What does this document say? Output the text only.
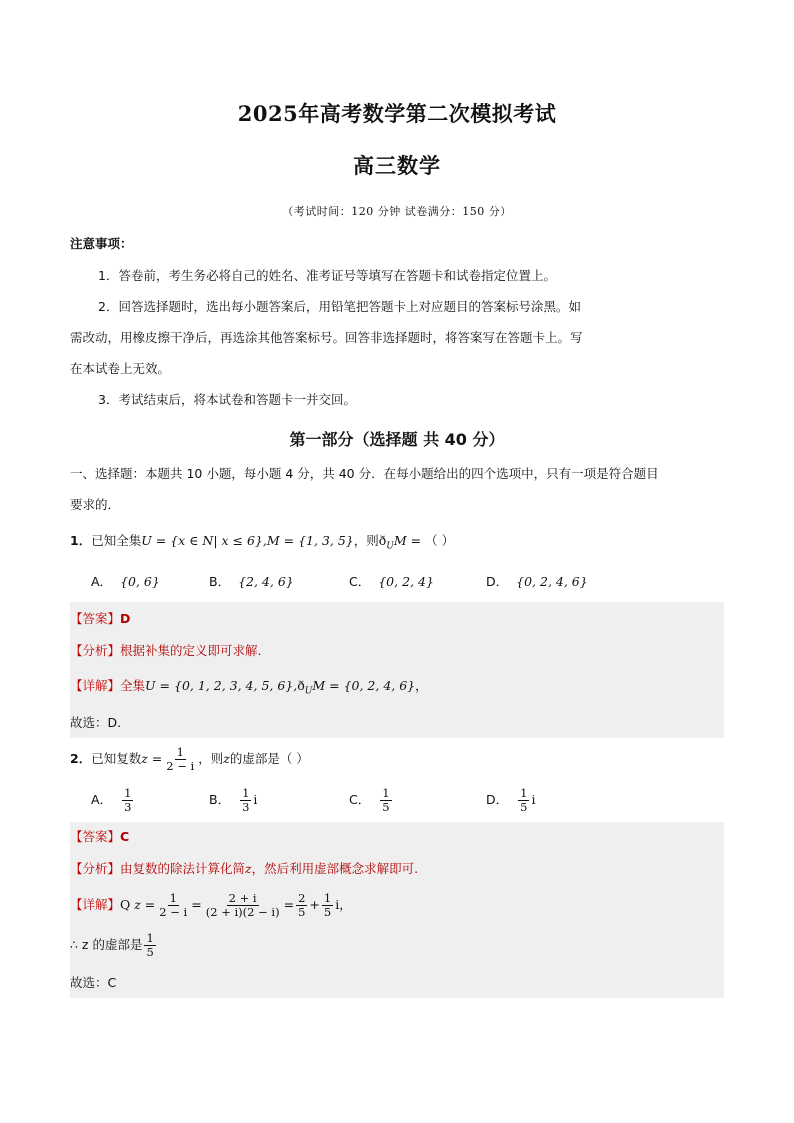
2025年高考数学第二次模拟考试
高三数学
（考试时间：120 分钟 试卷满分：150 分）
注意事项：
1．答卷前，考生务必将自己的姓名、准考证号等填写在答题卡和试卷指定位置上。
2．回答选择题时，选出每小题答案后，用铅笔把答题卡上对应题目的答案标号涂黑。如
需改动，用橡皮擦干净后，再选涂其他答案标号。回答非选择题时，将答案写在答题卡上。写
在本试卷上无效。
3．考试结束后，将本试卷和答题卡一并交回。
第一部分（选择题 共 40 分）
一、选择题：本题共 10 小题，每小题 4 分，共 40 分．在每小题给出的四个选项中，只有一项是符合题目
要求的．
1．已知全集U = {x ∈ N| x ≤ 6},M = {1, 3, 5}，则$ð_UM$ = （ ）
A． {0, 6}	B． {2, 4, 6}	C． {0, 2, 4}	D． {0, 2, 4, 6}
【答案】D
【分析】根据补集的定义即可求解.
【详解】全集U = {0, 1, 2, 3, 4, 5, $6\},ð_UM = \{0$, 2, 4, 6}，
故选：D.
2．已知复数$z = \frac{1}{2 - i}$ ，则z的虚部是（ ）
A． $\frac{1}{3}$	B． $\frac{1}{3}$ i	C． $\frac{1}{5}$	D． $\frac{1}{5}$ i
【答案】C
【分析】由复数的除法计算化简z，然后利用虚部概念求解即可.
【详解】Q $z = \frac{1}{2 - i} = \frac{2 + i}{(2 + i)(2 - i)} = \frac{2}{5} + \frac{1}{5}$ i，
∴ z 的虚部是 $\frac{1}{5}$
故选：C
